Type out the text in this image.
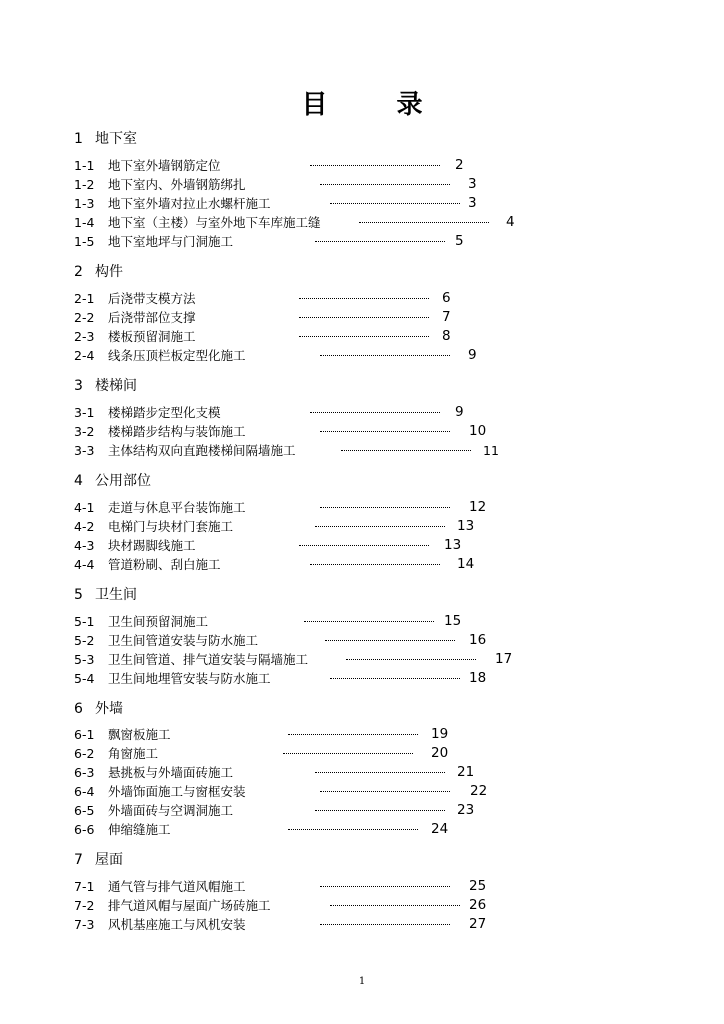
目 录
1 地下室
1-1 地下室外墙钢筋定位	2
1-2 地下室内、外墙钢筋绑扎	3
1-3 地下室外墙对拉止水螺杆施工	3
1-4 地下室（主楼）与室外地下车库施工缝	4
1-5 地下室地坪与门洞施工	5
2 构件
2-1 后浇带支模方法	6
2-2 后浇带部位支撑	7
2-3 楼板预留洞施工	8
2-4 线条压顶栏板定型化施工	9
3 楼梯间
3-1 楼梯踏步定型化支模	9
3-2 楼梯踏步结构与装饰施工	10
3-3 主体结构双向直跑楼梯间隔墙施工	11
4 公用部位
4-1 走道与休息平台装饰施工	12
4-2 电梯门与块材门套施工	13
4-3 块材踢脚线施工	13
4-4 管道粉刷、刮白施工	14
5 卫生间
5-1 卫生间预留洞施工	15
5-2 卫生间管道安装与防水施工	16
5-3 卫生间管道、排气道安装与隔墙施工	17
5-4 卫生间地埋管安装与防水施工	18
6 外墙
6-1 飘窗板施工	19
6-2 角窗施工	20
6-3 悬挑板与外墙面砖施工	21
6-4 外墙饰面施工与窗框安装	22
6-5 外墙面砖与空调洞施工	23
6-6 伸缩缝施工	24
7 屋面
7-1 通气管与排气道风帽施工	25
7-2 排气道风帽与屋面广场砖施工	26
7-3 风机基座施工与风机安装	27
1
